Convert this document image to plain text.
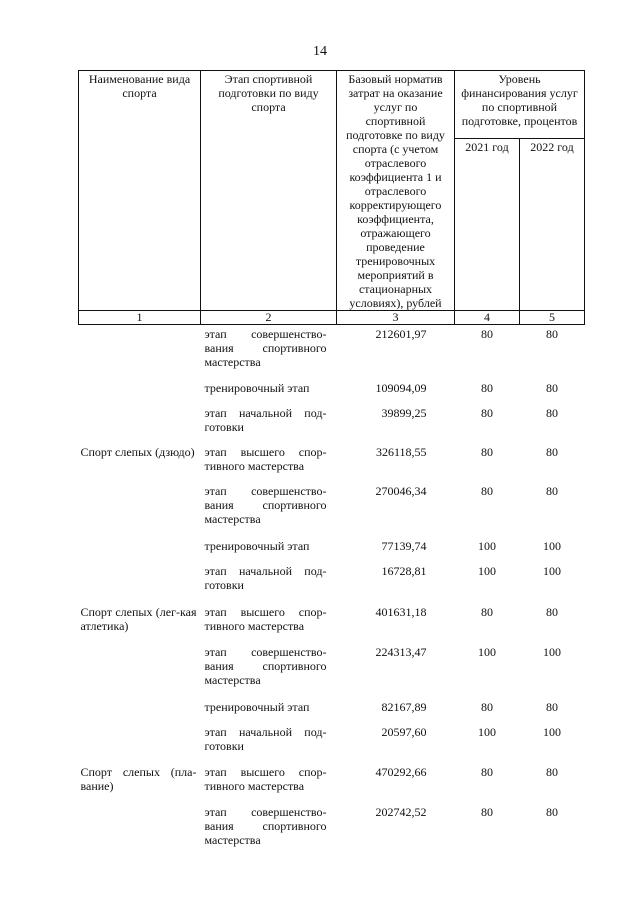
14
Наименование вида спорта	Этап спортивной подготовки по виду спорта	Базовый норматив затрат на оказание услуг по спортивной подготовке по виду спорта (с учетом отраслевого коэффициента 1 и отраслевого корректирующего коэффициента, отражающего проведение тренировочных мероприятий в стационарных условиях), рублей	Уровень финансирования услуг по спортивной подготовке, процентов	
			2021 год	2022 год
1	2	3	4	5
	этап совершенство-вания спортивного мастерства	212601,97	80	80
	тренировочный этап	109094,09	80	80
	этап начальной под-готовки	39899,25	80	80
Спорт слепых (дзюдо)	этап высшего спор-тивного мастерства	326118,55	80	80
	этап совершенство-вания спортивного мастерства	270046,34	80	80
	тренировочный этап	77139,74	100	100
	этап начальной под-готовки	16728,81	100	100
Спорт слепых (лег-кая атлетика)	этап высшего спор-тивного мастерства	401631,18	80	80
	этап совершенство-вания спортивного мастерства	224313,47	100	100
	тренировочный этап	82167,89	80	80
	этап начальной под-готовки	20597,60	100	100
Спорт слепых (пла-вание)	этап высшего спор-тивного мастерства	470292,66	80	80
	этап совершенство-вания спортивного мастерства	202742,52	80	80
